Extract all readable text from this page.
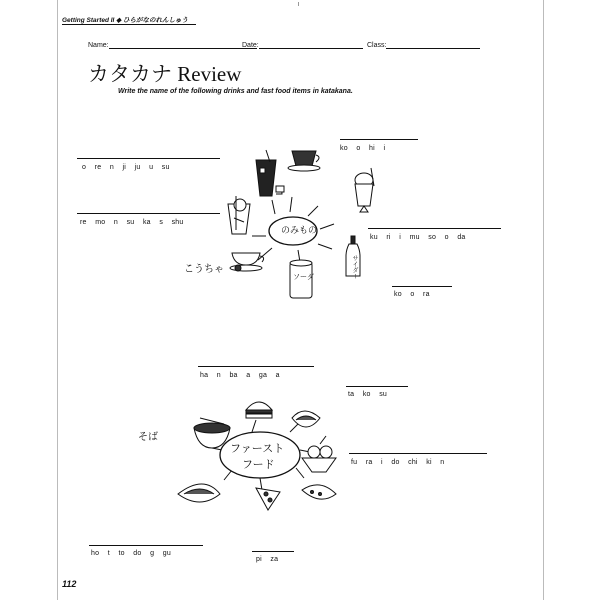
Getting Started II ◆ ひらがなのれんしゅう
Name:	Date:	Class:
カタカナ Review
Write the name of the following drinks and fast food items in katakana.
o    re    n    ji    ju    u    su
re    mo    n    su    ka    s    shu
ko    o    hi    i
ku    ri    i    mu    so    o    da
ko    o    ra
こうちゃ
ha    n    ba    a    ga    a
ta    ko    su
fu    ra    i    do    chi    ki    n
ho    t    to    do    g    gu
pi    za
そば
のみもの
ソーダ	サイダー
ファースト
フード
112
